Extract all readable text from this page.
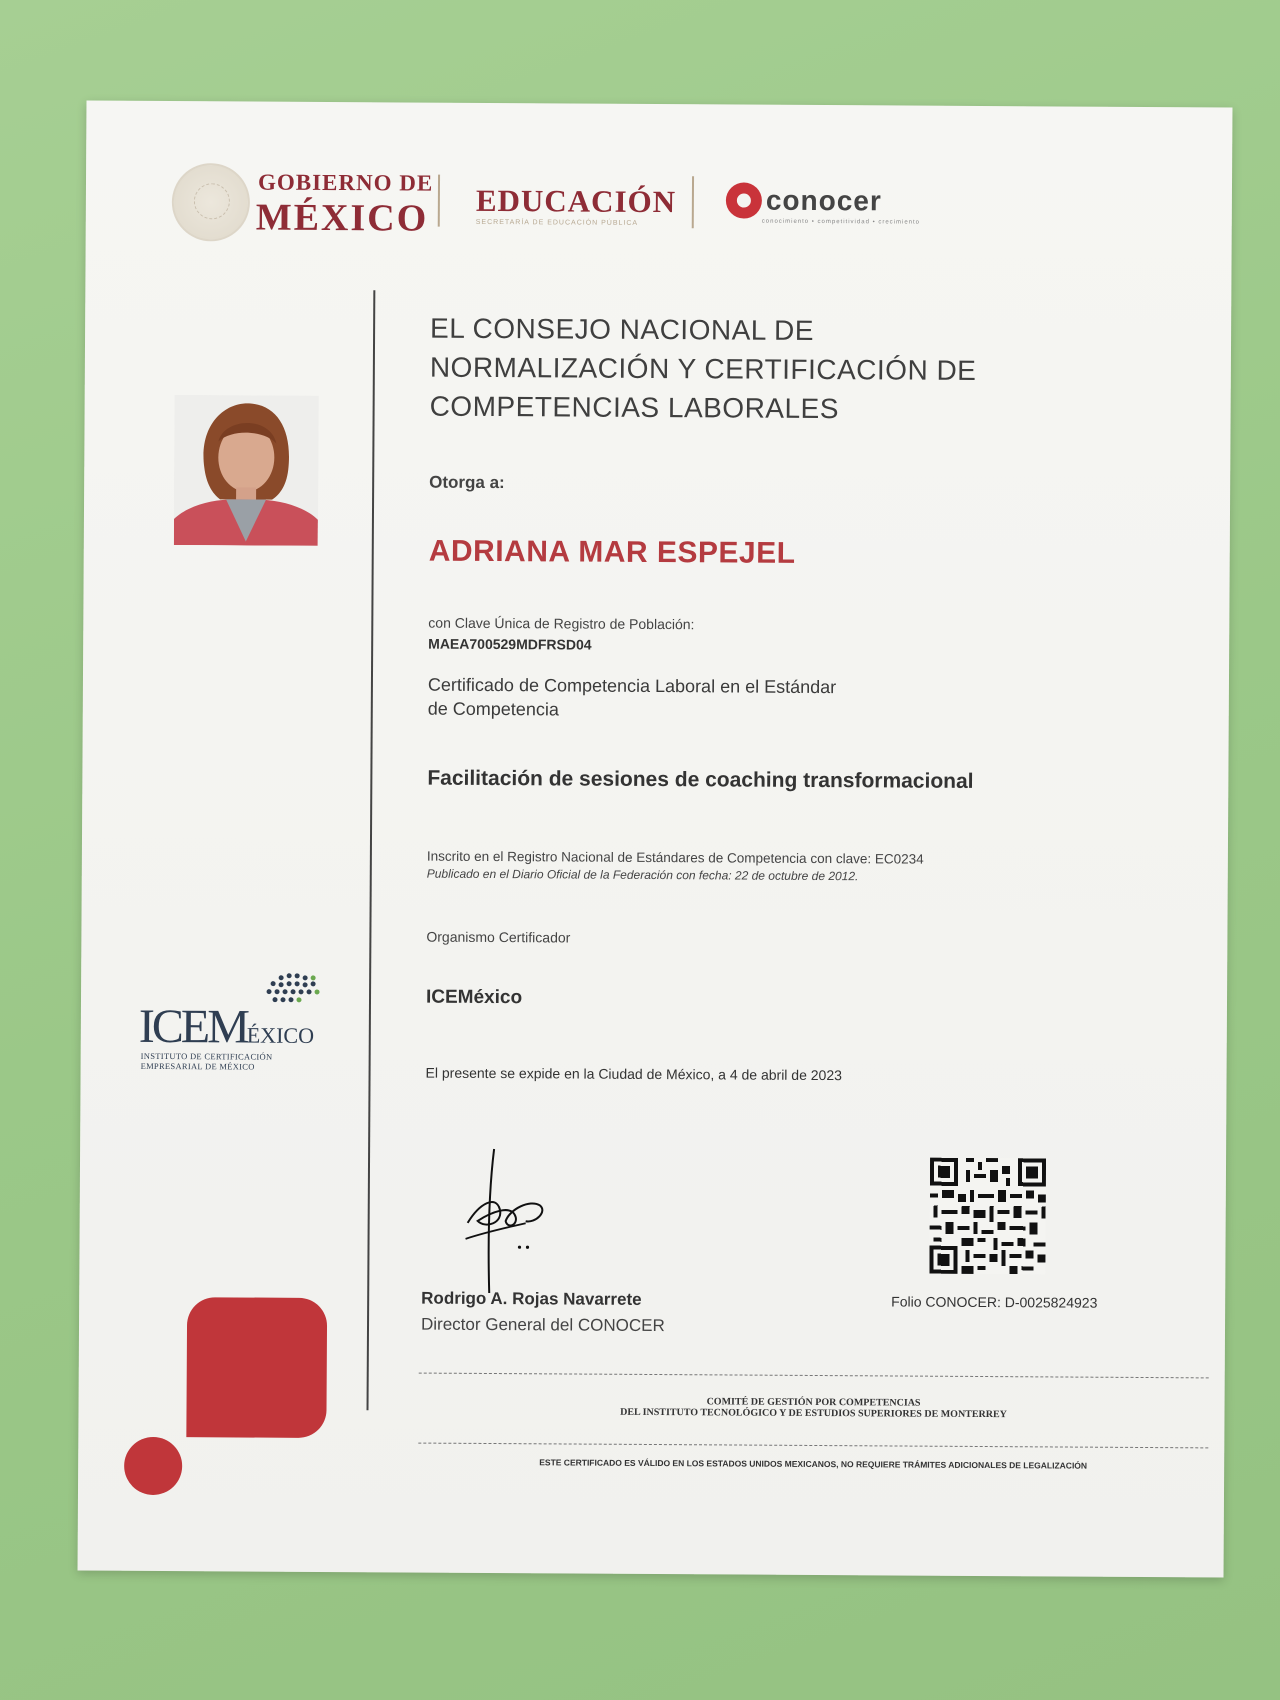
GOBIERNO DE
MÉXICO EDUCACIÓN
SECRETARÍA DE EDUCACIÓN PÚBLICA
conocer
conocimiento • competitividad • crecimiento
EL CONSEJO NACIONAL DE
NORMALIZACIÓN Y CERTIFICACIÓN DE
COMPETENCIAS LABORALES
Otorga a:
ADRIANA MAR ESPEJEL
con Clave Única de Registro de Población:
MAEA700529MDFRSD04
Certificado de Competencia Laboral en el Estándar
de Competencia
Facilitación de sesiones de coaching transformacional
Inscrito en el Registro Nacional de Estándares de Competencia con clave: EC0234
Publicado en el Diario Oficial de la Federación con fecha: 22 de octubre de 2012.
Organismo Certificador
ICEMéxico
El presente se expide en la Ciudad de México, a 4 de abril de 2023
ICEMÉXICO
INSTITUTO DE CERTIFICACIÓN
EMPRESARIAL DE MÉXICO
Rodrigo A. Rojas Navarrete
Director General del CONOCER
Folio CONOCER: D-0025824923
COMITÉ DE GESTIÓN POR COMPETENCIAS
DEL INSTITUTO TECNOLÓGICO Y DE ESTUDIOS SUPERIORES DE MONTERREY
ESTE CERTIFICADO ES VÁLIDO EN LOS ESTADOS UNIDOS MEXICANOS, NO REQUIERE TRÁMITES ADICIONALES DE LEGALIZACIÓN
